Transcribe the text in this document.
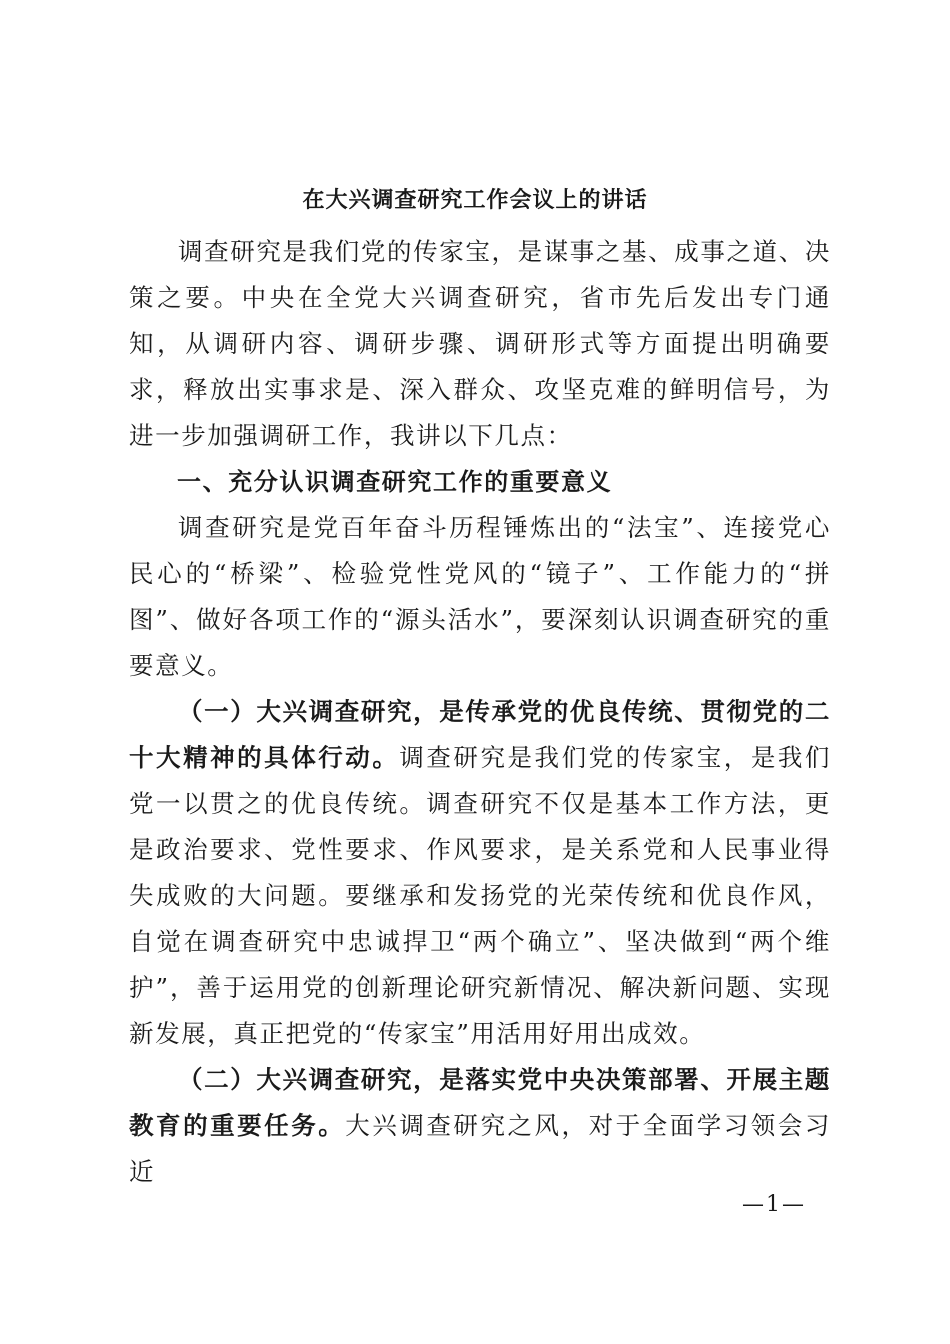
在大兴调查研究工作会议上的讲话

调查研究是我们党的传家宝，是谋事之基、成事之道、决策之要。中央在全党大兴调查研究，省市先后发出专门通知，从调研内容、调研步骤、调研形式等方面提出明确要求，释放出实事求是、深入群众、攻坚克难的鲜明信号，为进一步加强调研工作，我讲以下几点：

一、充分认识调查研究工作的重要意义

调查研究是党百年奋斗历程锤炼出的“法宝”、连接党心民心的“桥梁”、检验党性党风的“镜子”、工作能力的“拼图”、做好各项工作的“源头活水”，要深刻认识调查研究的重要意义。

（一）大兴调查研究，是传承党的优良传统、贯彻党的二十大精神的具体行动。调查研究是我们党的传家宝，是我们党一以贯之的优良传统。调查研究不仅是基本工作方法，更是政治要求、党性要求、作风要求，是关系党和人民事业得失成败的大问题。要继承和发扬党的光荣传统和优良作风，自觉在调查研究中忠诚捍卫“两个确立”、坚决做到“两个维护”，善于运用党的创新理论研究新情况、解决新问题、实现新发展，真正把党的“传家宝”用活用好用出成效。

（二）大兴调查研究，是落实党中央决策部署、开展主题教育的重要任务。大兴调查研究之风，对于全面学习领会习近

—1—
